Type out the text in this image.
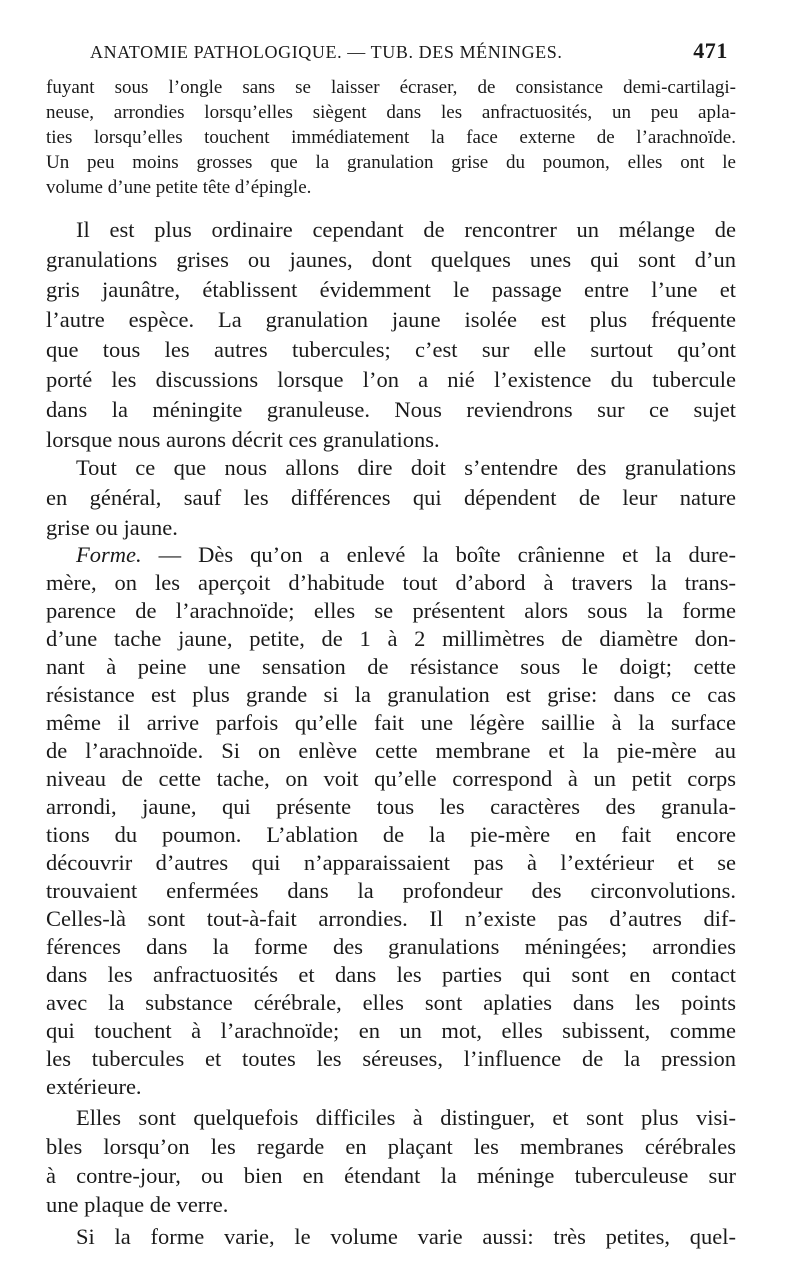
ANATOMIE PATHOLOGIQUE. — TUB. DES MÉNINGES.	471
fuyant sous l’ongle sans se laisser écraser, de consistance demi-cartilagi-
neuse, arrondies lorsqu’elles siègent dans les anfractuosités, un peu apla-
ties lorsqu’elles touchent immédiatement la face externe de l’arachnoïde.
Un peu moins grosses que la granulation grise du poumon, elles ont le
volume d’une petite tête d’épingle.
Il est plus ordinaire cependant de rencontrer un mélange de
granulations grises ou jaunes, dont quelques unes qui sont d’un
gris jaunâtre, établissent évidemment le passage entre l’une et
l’autre espèce. La granulation jaune isolée est plus fréquente
que tous les autres tubercules; c’est sur elle surtout qu’ont
porté les discussions lorsque l’on a nié l’existence du tubercule
dans la méningite granuleuse. Nous reviendrons sur ce sujet
lorsque nous aurons décrit ces granulations.
Tout ce que nous allons dire doit s’entendre des granulations
en général, sauf les différences qui dépendent de leur nature
grise ou jaune.
Forme. — Dès qu’on a enlevé la boîte crânienne et la dure-
mère, on les aperçoit d’habitude tout d’abord à travers la trans-
parence de l’arachnoïde; elles se présentent alors sous la forme
d’une tache jaune, petite, de 1 à 2 millimètres de diamètre don-
nant à peine une sensation de résistance sous le doigt; cette
résistance est plus grande si la granulation est grise: dans ce cas
même il arrive parfois qu’elle fait une légère saillie à la surface
de l’arachnoïde. Si on enlève cette membrane et la pie-mère au
niveau de cette tache, on voit qu’elle correspond à un petit corps
arrondi, jaune, qui présente tous les caractères des granula-
tions du poumon. L’ablation de la pie-mère en fait encore
découvrir d’autres qui n’apparaissaient pas à l’extérieur et se
trouvaient enfermées dans la profondeur des circonvolutions.
Celles-là sont tout-à-fait arrondies. Il n’existe pas d’autres dif-
férences dans la forme des granulations méningées; arrondies
dans les anfractuosités et dans les parties qui sont en contact
avec la substance cérébrale, elles sont aplaties dans les points
qui touchent à l’arachnoïde; en un mot, elles subissent, comme
les tubercules et toutes les séreuses, l’influence de la pression
extérieure.
Elles sont quelquefois difficiles à distinguer, et sont plus visi-
bles lorsqu’on les regarde en plaçant les membranes cérébrales
à contre-jour, ou bien en étendant la méninge tuberculeuse sur
une plaque de verre.
Si la forme varie, le volume varie aussi: très petites, quel-
